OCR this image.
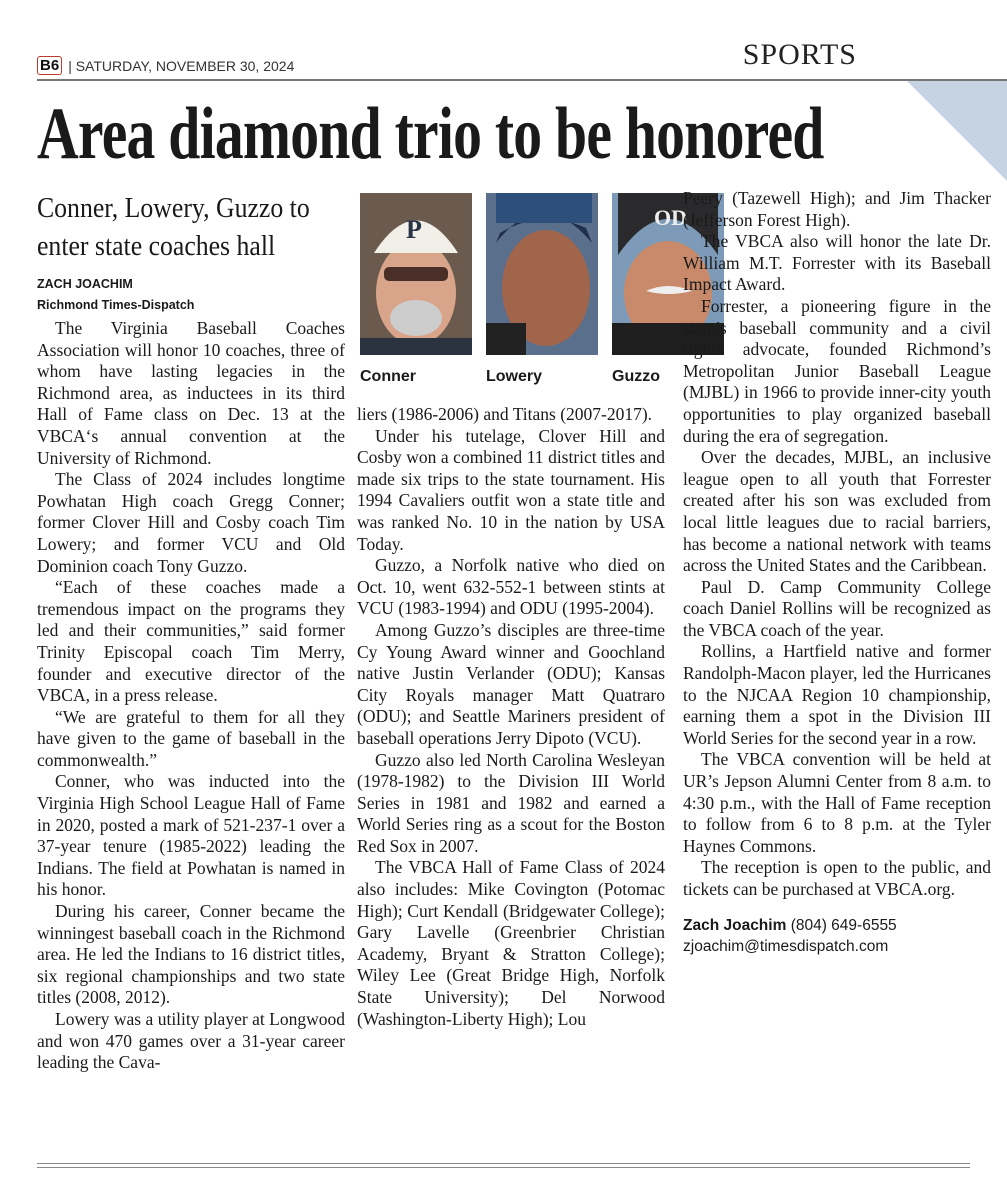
B6 | SATURDAY, NOVEMBER 30, 2024	SPORTS
Area diamond trio to be honored
Conner, Lowery, Guzzo to enter state coaches hall
ZACH JOACHIM
Richmond Times-Dispatch
P
Conner	Lowery
OD
Guzzo

The Virginia Baseball Coaches Association will honor 10 coaches, three of whom have lasting legacies in the Richmond area, as inductees in its third Hall of Fame class on Dec. 13 at the VBCA‘s annual convention at the University of Richmond.

The Class of 2024 includes longtime Powhatan High coach Gregg Conner; former Clover Hill and Cosby coach Tim Lowery; and former VCU and Old Dominion coach Tony Guzzo.

“Each of these coaches made a tremendous impact on the programs they led and their communities,” said former Trinity Episcopal coach Tim Merry, founder and executive director of the VBCA, in a press release.

“We are grateful to them for all they have given to the game of baseball in the commonwealth.”

Conner, who was inducted into the Virginia High School League Hall of Fame in 2020, posted a mark of 521-237-1 over a 37-year tenure (1985-2022) leading the Indians. The field at Powhatan is named in his honor.

During his career, Conner became the winningest baseball coach in the Richmond area. He led the Indians to 16 district titles, six regional championships and two state titles (2008, 2012).

Lowery was a utility player at Longwood and won 470 games over a 31-year career leading the Cava-

liers (1986-2006) and Titans (2007-2017).

Under his tutelage, Clover Hill and Cosby won a combined 11 district titles and made six trips to the state tournament. His 1994 Cavaliers outfit won a state title and was ranked No. 10 in the nation by USA Today.

Guzzo, a Norfolk native who died on Oct. 10, went 632-552-1 between stints at VCU (1983-1994) and ODU (1995-2004).

Among Guzzo’s disciples are three-time Cy Young Award winner and Goochland native Justin Verlander (ODU); Kansas City Royals manager Matt Quatraro (ODU); and Seattle Mariners president of baseball operations Jerry Dipoto (VCU).

Guzzo also led North Carolina Wesleyan (1978-1982) to the Division III World Series in 1981 and 1982 and earned a World Series ring as a scout for the Boston Red Sox in 2007.

The VBCA Hall of Fame Class of 2024 also includes: Mike Covington (Potomac High); Curt Kendall (Bridgewater College); Gary Lavelle (Greenbrier Christian Academy, Bryant & Stratton College); Wiley Lee (Great Bridge High, Norfolk State University); Del Norwood (Washington-Liberty High); Lou

Peery (Tazewell High); and Jim Thacker (Jefferson Forest High).

The VBCA also will honor the late Dr. William M.T. Forrester with its Baseball Impact Award.

Forrester, a pioneering figure in the state’s baseball community and a civil rights advocate, founded Richmond’s Metropolitan Junior Baseball League (MJBL) in 1966 to provide inner-city youth opportunities to play organized baseball during the era of segregation.

Over the decades, MJBL, an inclusive league open to all youth that Forrester created after his son was excluded from local little leagues due to racial barriers, has become a national network with teams across the United States and the Caribbean.

Paul D. Camp Community College coach Daniel Rollins will be recognized as the VBCA coach of the year.

Rollins, a Hartfield native and former Randolph-Macon player, led the Hurricanes to the NJCAA Region 10 championship, earning them a spot in the Division III World Series for the second year in a row.

The VBCA convention will be held at UR’s Jepson Alumni Center from 8 a.m. to 4:30 p.m., with the Hall of Fame reception to follow from 6 to 8 p.m. at the Tyler Haynes Commons.

The reception is open to the public, and tickets can be purchased at VBCA.org.

Zach Joachim (804) 649-6555
zjoachim@timesdispatch.com
